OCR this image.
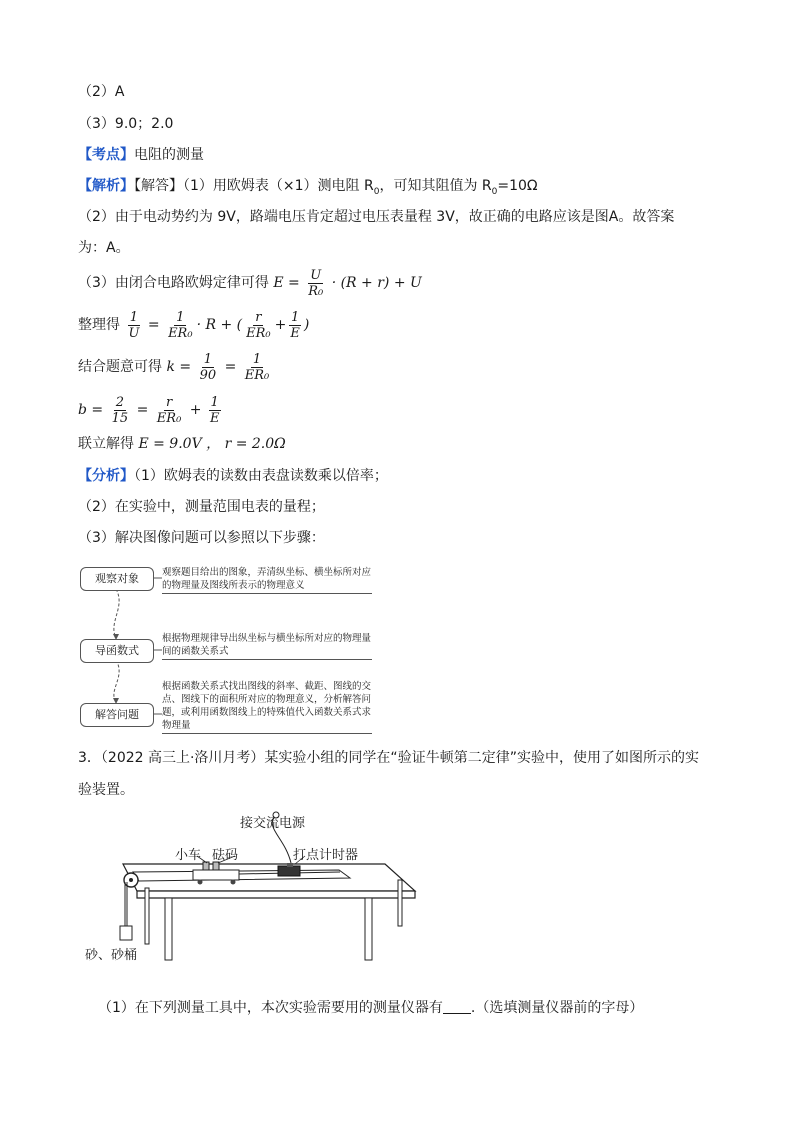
（2）A
（3）9.0；2.0
【考点】电阻的测量
【解析】【解答】（1）用欧姆表（×1）测电阻 $R_0$，可知其阻值为 $R_0=10\Omega$
（2）由于电动势约为 9V，路端电压肯定超过电压表量程 3V，故正确的电路应该是图A。故答案
为：A。
（3）由闭合电路欧姆定律可得 $E = \frac{U}{\text{R₀}} \cdot (R + r) + U$
整理得 $\frac{1}{U} = \frac{1}{\text{ER₀}} \cdot R$ + ( $\frac{r}{\text{ER₀}} + \frac{1}{E}$ )
结合题意可得 $k = \frac{1}{90} = \frac{1}{\text{ER₀}}$
$b = \frac{2}{15} = \frac{r}{\text{ER₀}} + \frac{1}{E}$
联立解得 E = 9.0V ， r = 2.0Ω
【分析】（1）欧姆表的读数由表盘读数乘以倍率；
（2）在实验中，测量范围电表的量程；
（3）解决图像问题可以参照以下步骤：
观察对象	观察题目给出的图象，弄清纵坐标、横坐标所对应的物理量及图线所表示的物理意义
导函数式
根据物理规律导出纵坐标与横坐标所对应的物理量间的函数关系式
解答问题
根据函数关系式找出图线的斜率、截距、图线的交点、图线下的面积所对应的物理意义，分析解答问题，或利用函数图线上的特殊值代入函数关系式求物理量
3．（2022 高三上·洛川月考）某实验小组的同学在“验证牛顿第二定律”实验中，使用了如图所示的实
验装置。
接交流电源
小车 砝码	打点计时器
砂、砂桶
（1）在下列测量工具中，本次实验需要用的测量仪器有 .（选填测量仪器前的字母）
